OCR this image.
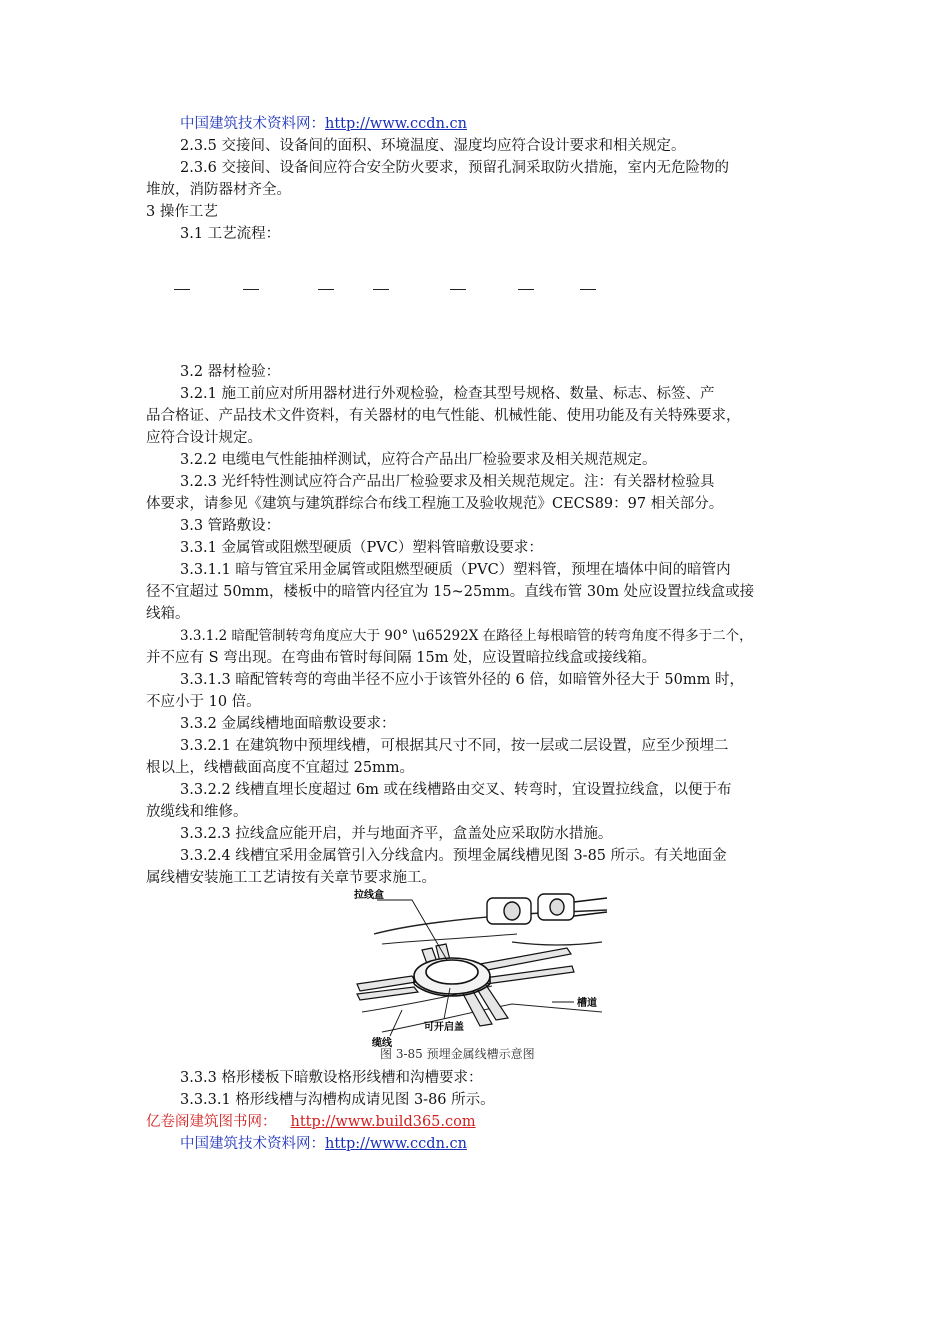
中国建筑技术资料网：http://www.ccdn.cn
2.3.5 交接间、设备间的面积、环境温度、湿度均应符合设计要求和相关规定。
2.3.6 交接间、设备间应符合安全防火要求，预留孔洞采取防火措施，室内无危险物的
堆放，消防器材齐全。
3 操作工艺
3.1 工艺流程：
3.2 器材检验：
3.2.1 施工前应对所用器材进行外观检验，检查其型号规格、数量、标志、标签、产
品合格证、产品技术文件资料，有关器材的电气性能、机械性能、使用功能及有关特殊要求，
应符合设计规定。
3.2.2 电缆电气性能抽样测试，应符合产品出厂检验要求及相关规范规定。
3.2.3 光纤特性测试应符合产品出厂检验要求及相关规范规定。注：有关器材检验具
体要求，请参见《建筑与建筑群综合布线工程施工及验收规范》CECS89：97 相关部分。
3.3 管路敷设：
3.3.1 金属管或阻燃型硬质（PVC）塑料管暗敷设要求：
3.3.1.1 暗与管宜采用金属管或阻燃型硬质（PVC）塑料管，预埋在墙体中间的暗管内
径不宜超过 50mm，楼板中的暗管内径宜为 15~25mm。直线布管 30m 处应设置拉线盒或接
线箱。
3.3.1.2 暗配管制转弯角度应大于 90° \u65292X 在路径上每根暗管的转弯角度不得多于二个，
并不应有 S 弯出现。在弯曲布管时每间隔 15m 处，应设置暗拉线盒或接线箱。
3.3.1.3 暗配管转弯的弯曲半径不应小于该管外径的 6 倍，如暗管外径大于 50mm 时，
不应小于 10 倍。
3.3.2 金属线槽地面暗敷设要求：
3.3.2.1 在建筑物中预埋线槽，可根据其尺寸不同，按一层或二层设置，应至少预埋二
根以上，线槽截面高度不宜超过 25mm。
3.3.2.2 线槽直埋长度超过 6m 或在线槽路由交叉、转弯时，宜设置拉线盒，以便于布
放缆线和维修。
3.3.2.3 拉线盒应能开启，并与地面齐平，盒盖处应采取防水措施。
3.3.2.4 线槽宜采用金属管引入分线盒内。预埋金属线槽见图 3-85 所示。有关地面金
属线槽安装施工工艺请按有关章节要求施工。
拉线盒
可开启盖
槽道
缆线
图 3-85 预埋金属线槽示意图
3.3.3 格形楼板下暗敷设格形线槽和沟槽要求：
3.3.3.1 格形线槽与沟槽构成请见图 3-86 所示。
亿卷阁建筑图书网： http://www.build365.com
中国建筑技术资料网：http://www.ccdn.cn
